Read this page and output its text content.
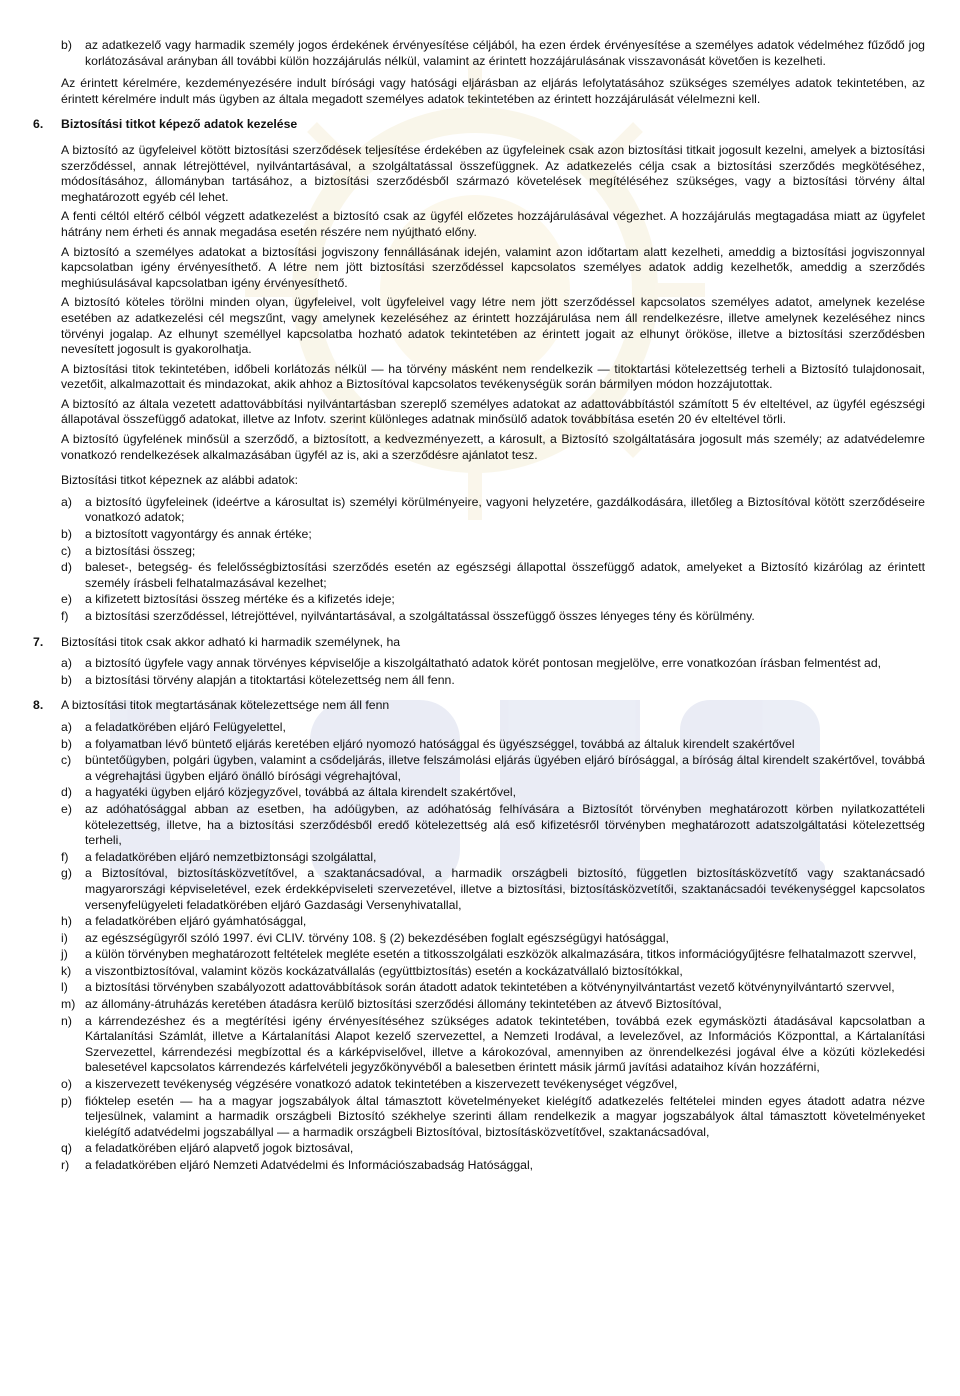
b) az adatkezelő vagy harmadik személy jogos érdekének érvényesítése céljából, ha ezen érdek érvényesítése a személyes adatok védelméhez fűződő jog korlátozásával arányban áll további külön hozzájárulás nélkül, valamint az érintett hozzájárulásának visszavonását követően is kezelheti.

Az érintett kérelmére, kezdeményezésére indult bírósági vagy hatósági eljárásban az eljárás lefolytatásához szükséges személyes adatok tekintetében, az érintett kérelmére indult más ügyben az általa megadott személyes adatok tekintetében az érintett hozzájárulását vélelmezni kell.

6. Biztosítási titkot képező adatok kezelése

A biztosító az ügyfeleivel kötött biztosítási szerződések teljesítése érdekében az ügyfeleinek csak azon biztosítási titkait jogosult kezelni, amelyek a biztosítási szerződéssel, annak létrejöttével, nyilvántartásával, a szolgáltatással összefüggnek. Az adatkezelés célja csak a biztosítási szerződés megkötéséhez, módosításához, állományban tartásához, a biztosítási szerződésből származó követelések megítéléséhez szükséges, vagy a biztosítási törvény által meghatározott egyéb cél lehet.

A fenti céltól eltérő célból végzett adatkezelést a biztosító csak az ügyfél előzetes hozzájárulásával végezhet. A hozzájárulás megtagadása miatt az ügyfelet hátrány nem érheti és annak megadása esetén részére nem nyújtható előny.

A biztosító a személyes adatokat a biztosítási jogviszony fennállásának idején, valamint azon időtartam alatt kezelheti, ameddig a biztosítási jogviszonnyal kapcsolatban igény érvényesíthető. A létre nem jött biztosítási szerződéssel kapcsolatos személyes adatok addig kezelhetők, ameddig a szerződés meghiúsulásával kapcsolatban igény érvényesíthető.

A biztosító köteles törölni minden olyan, ügyfeleivel, volt ügyfeleivel vagy létre nem jött szerződéssel kapcsolatos személyes adatot, amelynek kezelése esetében az adatkezelési cél megszűnt, vagy amelynek kezeléséhez az érintett hozzájárulása nem áll rendelkezésre, illetve amelynek kezeléséhez nincs törvényi jogalap. Az elhunyt személlyel kapcsolatba hozható adatok tekintetében az érintett jogait az elhunyt örököse, illetve a biztosítási szerződésben nevesített jogosult is gyakorolhatja.

A biztosítási titok tekintetében, időbeli korlátozás nélkül — ha törvény másként nem rendelkezik — titoktartási kötelezettség terheli a Biztosító tulajdonosait, vezetőit, alkalmazottait és mindazokat, akik ahhoz a Biztosítóval kapcsolatos tevékenységük során bármilyen módon hozzájutottak.

A biztosító az általa vezetett adattovábbítási nyilvántartásban szereplő személyes adatokat az adattovábbítástól számított 5 év elteltével, az ügyfél egészségi állapotával összefüggő adatokat, illetve az Infotv. szerint különleges adatnak minősülő adatok továbbítása esetén 20 év elteltével törli.

A biztosító ügyfelének minősül a szerződő, a biztosított, a kedvezményezett, a károsult, a Biztosító szolgáltatására jogosult más személy; az adatvédelemre vonatkozó rendelkezések alkalmazásában ügyfél az is, aki a szerződésre ajánlatot tesz.

Biztosítási titkot képeznek az alábbi adatok:

a) a biztosító ügyfeleinek (ideértve a károsultat is) személyi körülményeire, vagyoni helyzetére, gazdálkodására, illetőleg a Biztosítóval kötött szerződéseire vonatkozó adatok;
b) a biztosított vagyontárgy és annak értéke;
c) a biztosítási összeg;
d) baleset-, betegség- és felelősségbiztosítási szerződés esetén az egészségi állapottal összefüggő adatok, amelyeket a Biztosító kizárólag az érintett személy írásbeli felhatalmazásával kezelhet;
e) a kifizetett biztosítási összeg mértéke és a kifizetés ideje;
f) a biztosítási szerződéssel, létrejöttével, nyilvántartásával, a szolgáltatással összefüggő összes lényeges tény és körülmény.
7. Biztosítási titok csak akkor adható ki harmadik személynek, ha
a) a biztosító ügyfele vagy annak törvényes képviselője a kiszolgáltatható adatok körét pontosan megjelölve, erre vonatkozóan írásban felmentést ad,
b) a biztosítási törvény alapján a titoktartási kötelezettség nem áll fenn.
8. A biztosítási titok megtartásának kötelezettsége nem áll fenn
a) a feladatkörében eljáró Felügyelettel,
b) a folyamatban lévő büntető eljárás keretében eljáró nyomozó hatósággal és ügyészséggel, továbbá az általuk kirendelt szakértővel
c) büntetőügyben, polgári ügyben, valamint a csődeljárás, illetve felszámolási eljárás ügyében eljáró bírósággal, a bíróság által kirendelt szakértővel, továbbá a végrehajtási ügyben eljáró önálló bírósági végrehajtóval,
d) a hagyatéki ügyben eljáró közjegyzővel, továbbá az általa kirendelt szakértővel,
e) az adóhatósággal abban az esetben, ha adóügyben, az adóhatóság felhívására a Biztosítót törvényben meghatározott körben nyilatkozattételi kötelezettség, illetve, ha a biztosítási szerződésből eredő kötelezettség alá eső kifizetésről törvényben meghatározott adatszolgáltatási kötelezettség terheli,
f) a feladatkörében eljáró nemzetbiztonsági szolgálattal,
g) a Biztosítóval, biztosításközvetítővel, a szaktanácsadóval, a harmadik országbeli biztosító, független biztosításközvetítő vagy szaktanácsadó magyarországi képviseletével, ezek érdekképviseleti szervezetével, illetve a biztosítási, biztosításközvetítői, szaktanácsadói tevékenységgel kapcsolatos versenyfelügyeleti feladatkörében eljáró Gazdasági Versenyhivatallal,
h) a feladatkörében eljáró gyámhatósággal,
i) az egészségügyről szóló 1997. évi CLIV. törvény 108. § (2) bekezdésében foglalt egészségügyi hatósággal,
j) a külön törvényben meghatározott feltételek megléte esetén a titkosszolgálati eszközök alkalmazására, titkos információgyűjtésre felhatalmazott szervvel,
k) a viszontbiztosítóval, valamint közös kockázatvállalás (együttbiztosítás) esetén a kockázatvállaló biztosítókkal,
l) a biztosítási törvényben szabályozott adattovábbítások során átadott adatok tekintetében a kötvénynyilvántartást vezető kötvénynyilvántartó szervvel,
m) az állomány-átruházás keretében átadásra kerülő biztosítási szerződési állomány tekintetében az átvevő Biztosítóval,
n) a kárrendezéshez és a megtérítési igény érvényesítéséhez szükséges adatok tekintetében, továbbá ezek egymásközti átadásával kapcsolatban a Kártalanítási Számlát, illetve a Kártalanítási Alapot kezelő szervezettel, a Nemzeti Irodával, a levelezővel, az Információs Központtal, a Kártalanítási Szervezettel, kárrendezési megbízottal és a kárképviselővel, illetve a károkozóval, amennyiben az önrendelkezési jogával élve a közúti közlekedési balesetével kapcsolatos kárrendezés kárfelvételi jegyzőkönyvéből a balesetben érintett másik jármű javítási adataihoz kíván hozzáférni,
o) a kiszervezett tevékenység végzésére vonatkozó adatok tekintetében a kiszervezett tevékenységet végzővel,
p) fióktelep esetén — ha a magyar jogszabályok által támasztott követelményeket kielégítő adatkezelés feltételei minden egyes átadott adatra nézve teljesülnek, valamint a harmadik országbeli Biztosító székhelye szerinti állam rendelkezik a magyar jogszabályok által támasztott követelményeket kielégítő adatvédelmi jogszabállyal — a harmadik országbeli Biztosítóval, biztosításközvetítővel, szaktanácsadóval,
q) a feladatkörében eljáró alapvető jogok biztosával,
r) a feladatkörében eljáró Nemzeti Adatvédelmi és Információszabadság Hatósággal,
